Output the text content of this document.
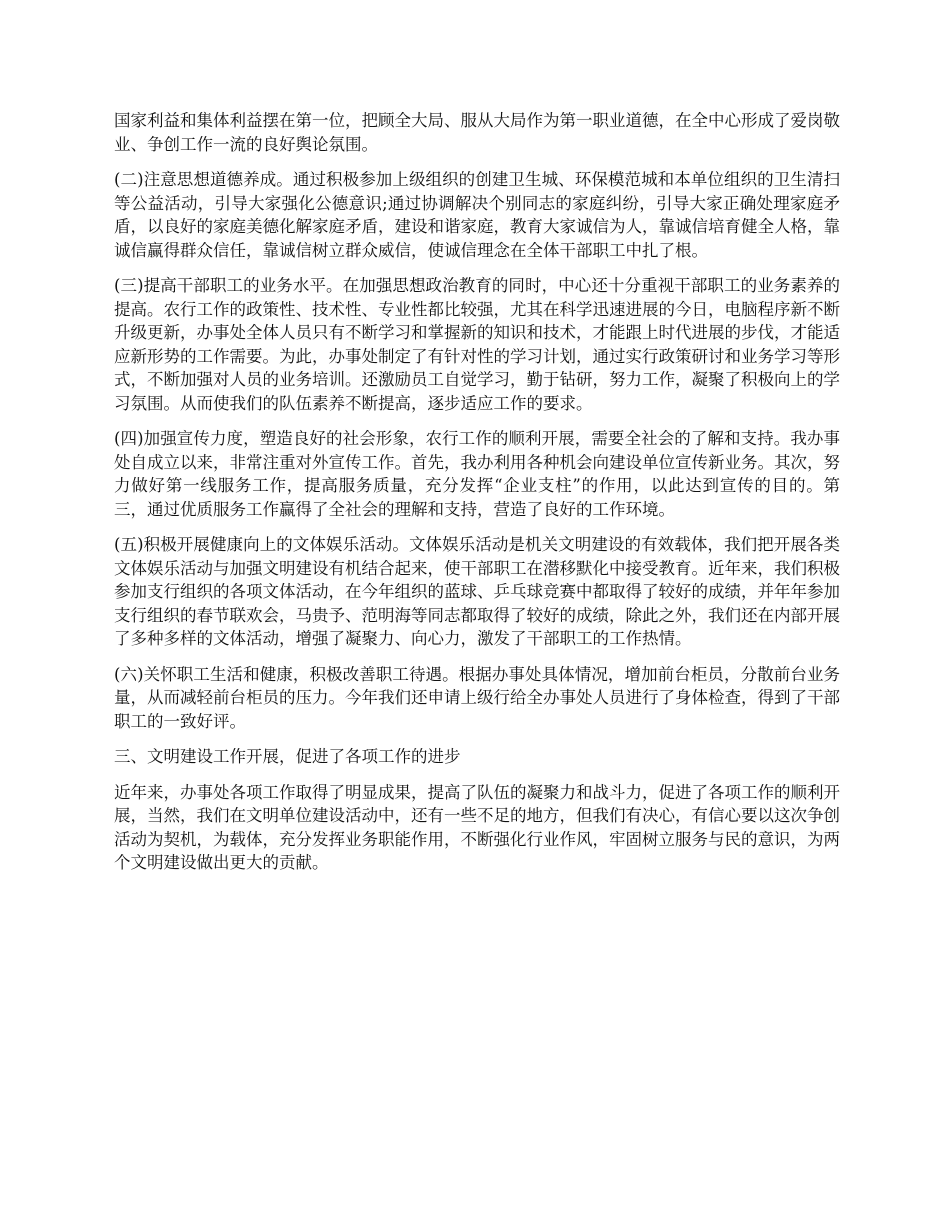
国家利益和集体利益摆在第一位，把顾全大局、服从大局作为第一职业道德，在全中心形成了爱岗敬业、争创工作一流的良好舆论氛围。

(二)注意思想道德养成。通过积极参加上级组织的创建卫生城、环保模范城和本单位组织的卫生清扫等公益活动，引导大家强化公德意识;通过协调解决个别同志的家庭纠纷，引导大家正确处理家庭矛盾，以良好的家庭美德化解家庭矛盾，建设和谐家庭，教育大家诚信为人，靠诚信培育健全人格，靠诚信赢得群众信任，靠诚信树立群众威信，使诚信理念在全体干部职工中扎了根。

(三)提高干部职工的业务水平。在加强思想政治教育的同时，中心还十分重视干部职工的业务素养的提高。农行工作的政策性、技术性、专业性都比较强，尤其在科学迅速进展的今日，电脑程序新不断升级更新，办事处全体人员只有不断学习和掌握新的知识和技术，才能跟上时代进展的步伐，才能适应新形势的工作需要。为此，办事处制定了有针对性的学习计划，通过实行政策研讨和业务学习等形式，不断加强对人员的业务培训。还激励员工自觉学习，勤于钻研，努力工作，凝聚了积极向上的学习氛围。从而使我们的队伍素养不断提高，逐步适应工作的要求。

(四)加强宣传力度，塑造良好的社会形象，农行工作的顺利开展，需要全社会的了解和支持。我办事处自成立以来，非常注重对外宣传工作。首先，我办利用各种机会向建设单位宣传新业务。其次，努力做好第一线服务工作，提高服务质量，充分发挥“企业支柱”的作用，以此达到宣传的目的。第三，通过优质服务工作赢得了全社会的理解和支持，营造了良好的工作环境。

(五)积极开展健康向上的文体娱乐活动。文体娱乐活动是机关文明建设的有效载体，我们把开展各类文体娱乐活动与加强文明建设有机结合起来，使干部职工在潜移默化中接受教育。近年来，我们积极参加支行组织的各项文体活动，在今年组织的蓝球、乒乓球竞赛中都取得了较好的成绩，并年年参加支行组织的春节联欢会，马贵予、范明海等同志都取得了较好的成绩，除此之外，我们还在内部开展了多种多样的文体活动，增强了凝聚力、向心力，激发了干部职工的工作热情。

(六)关怀职工生活和健康，积极改善职工待遇。根据办事处具体情况，增加前台柜员，分散前台业务量，从而减轻前台柜员的压力。今年我们还申请上级行给全办事处人员进行了身体检查，得到了干部职工的一致好评。

三、文明建设工作开展，促进了各项工作的进步

近年来，办事处各项工作取得了明显成果，提高了队伍的凝聚力和战斗力，促进了各项工作的顺利开展，当然，我们在文明单位建设活动中，还有一些不足的地方，但我们有决心，有信心要以这次争创活动为契机，为载体，充分发挥业务职能作用，不断强化行业作风，牢固树立服务与民的意识，为两个文明建设做出更大的贡献。
